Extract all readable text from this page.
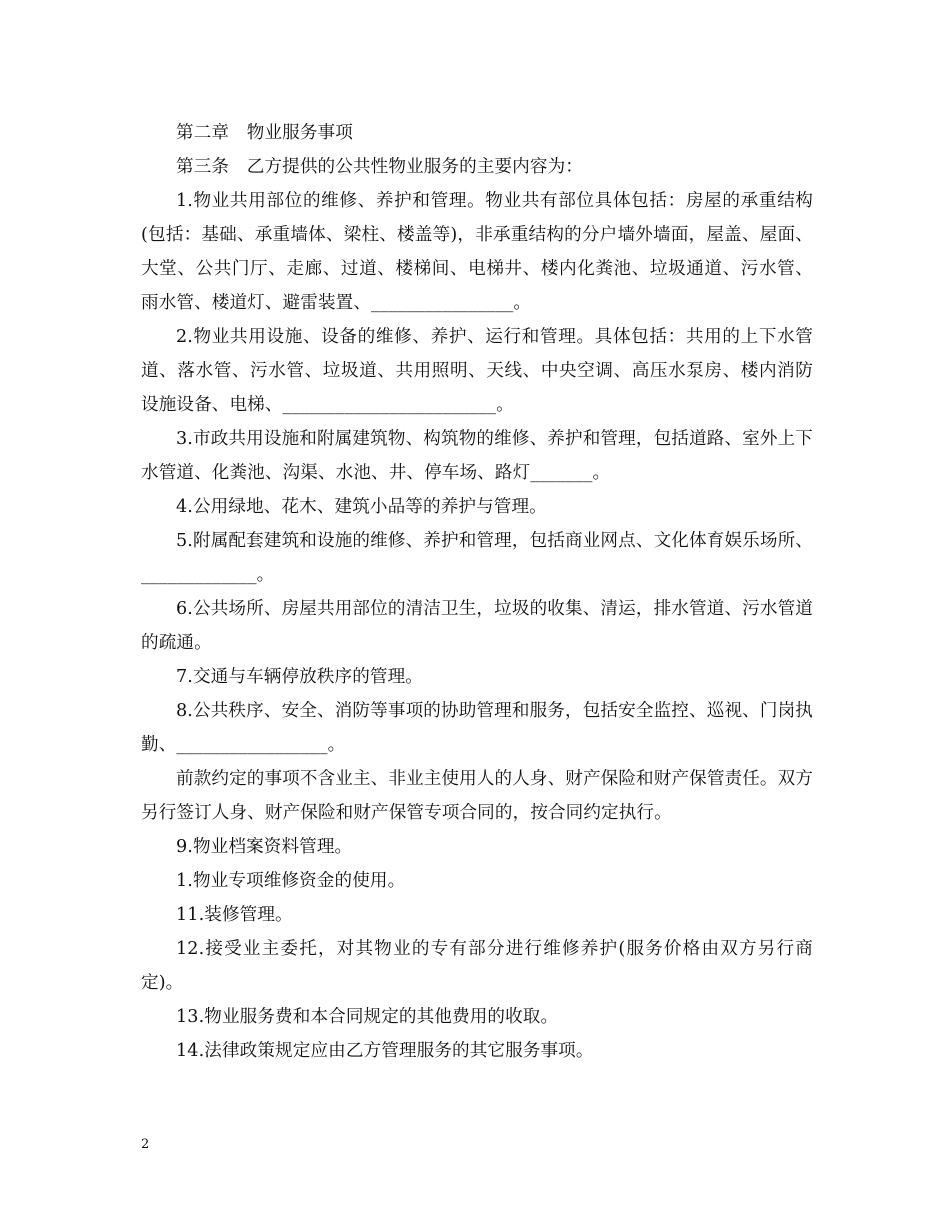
第二章　物业服务事项

第三条　乙方提供的公共性物业服务的主要内容为：

1.物业共用部位的维修、养护和管理。物业共有部位具体包括：房屋的承重结构(包括：基础、承重墙体、梁柱、楼盖等)，非承重结构的分户墙外墙面，屋盖、屋面、大堂、公共门厅、走廊、过道、楼梯间、电梯井、楼内化粪池、垃圾通道、污水管、雨水管、楼道灯、避雷装置、________________。

2.物业共用设施、设备的维修、养护、运行和管理。具体包括：共用的上下水管道、落水管、污水管、垃圾道、共用照明、天线、中央空调、高压水泵房、楼内消防设施设备、电梯、________________________。

3.市政共用设施和附属建筑物、构筑物的维修、养护和管理，包括道路、室外上下水管道、化粪池、沟渠、水池、井、停车场、路灯_______。

4.公用绿地、花木、建筑小品等的养护与管理。

5.附属配套建筑和设施的维修、养护和管理，包括商业网点、文化体育娱乐场所、_____________。

6.公共场所、房屋共用部位的清洁卫生，垃圾的收集、清运，排水管道、污水管道的疏通。

7.交通与车辆停放秩序的管理。

8.公共秩序、安全、消防等事项的协助管理和服务，包括安全监控、巡视、门岗执勤、_________________。

前款约定的事项不含业主、非业主使用人的人身、财产保险和财产保管责任。双方另行签订人身、财产保险和财产保管专项合同的，按合同约定执行。

9.物业档案资料管理。

1.物业专项维修资金的使用。

11.装修管理。

12.接受业主委托，对其物业的专有部分进行维修养护(服务价格由双方另行商定)。

13.物业服务费和本合同规定的其他费用的收取。

14.法律政策规定应由乙方管理服务的其它服务事项。

2
